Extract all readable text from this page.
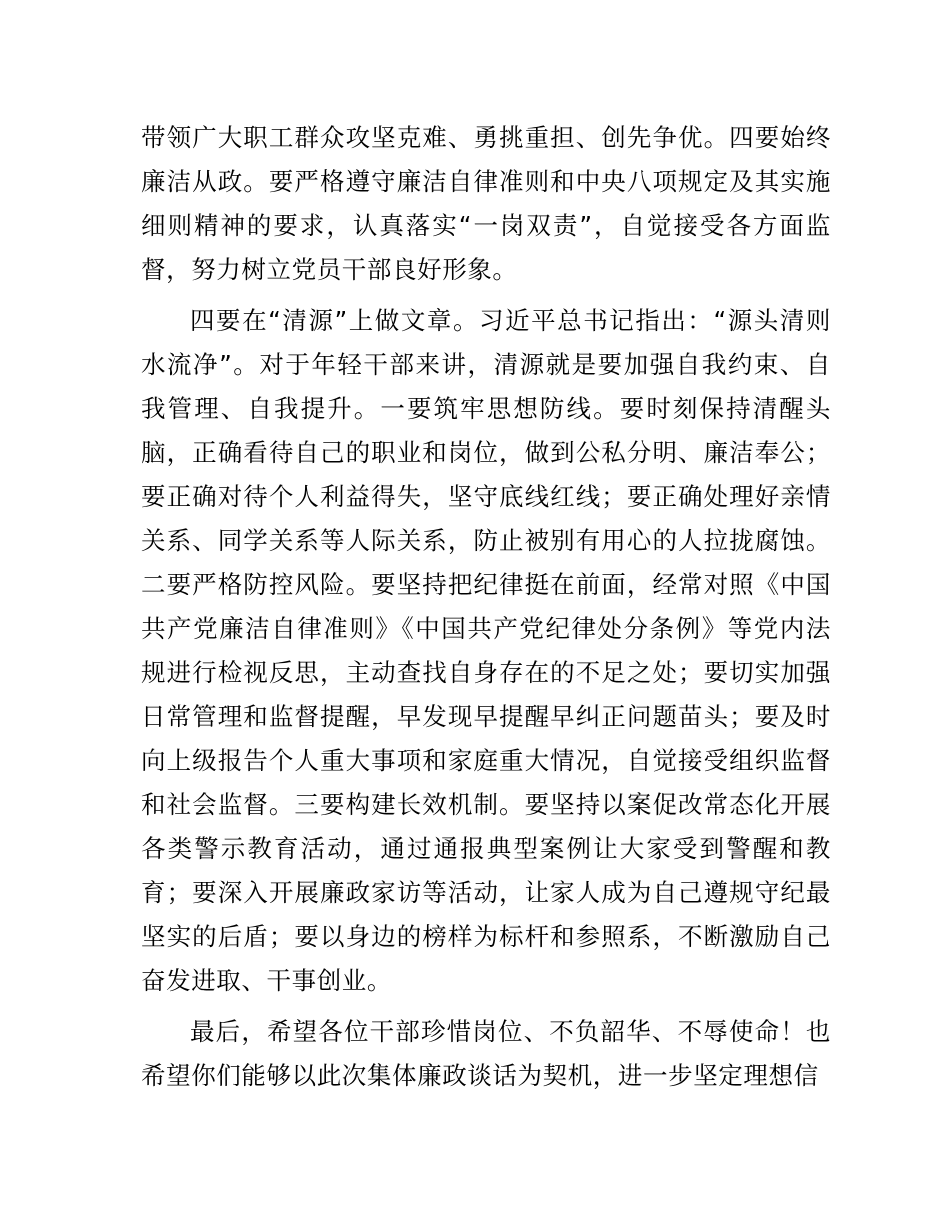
带领广大职工群众攻坚克难、勇挑重担、创先争优。四要始终廉洁从政。要严格遵守廉洁自律准则和中央八项规定及其实施细则精神的要求，认真落实“一岗双责”，自觉接受各方面监督，努力树立党员干部良好形象。

四要在“清源”上做文章。习近平总书记指出：“源头清则水流净”。对于年轻干部来讲，清源就是要加强自我约束、自我管理、自我提升。一要筑牢思想防线。要时刻保持清醒头脑，正确看待自己的职业和岗位，做到公私分明、廉洁奉公；要正确对待个人利益得失，坚守底线红线；要正确处理好亲情关系、同学关系等人际关系，防止被别有用心的人拉拢腐蚀。二要严格防控风险。要坚持把纪律挺在前面，经常对照《中国共产党廉洁自律准则》《中国共产党纪律处分条例》等党内法规进行检视反思，主动查找自身存在的不足之处；要切实加强日常管理和监督提醒，早发现早提醒早纠正问题苗头；要及时向上级报告个人重大事项和家庭重大情况，自觉接受组织监督和社会监督。三要构建长效机制。要坚持以案促改常态化开展各类警示教育活动，通过通报典型案例让大家受到警醒和教育；要深入开展廉政家访等活动，让家人成为自己遵规守纪最坚实的后盾；要以身边的榜样为标杆和参照系，不断激励自己奋发进取、干事创业。

最后，希望各位干部珍惜岗位、不负韶华、不辱使命！也希望你们能够以此次集体廉政谈话为契机，进一步坚定理想信
